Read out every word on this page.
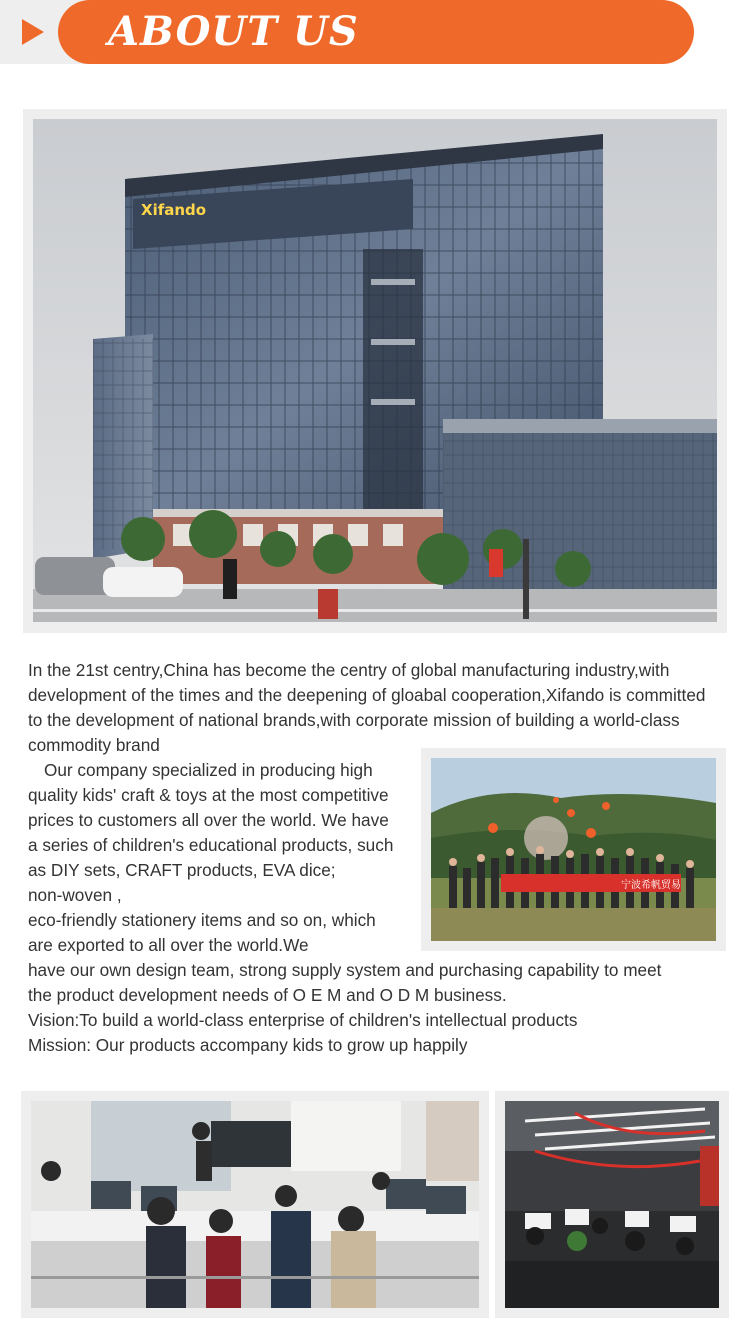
ABOUT US
Xifando

In the 21st centry,China has become the centry of global manufacturing industry,with development of the times and the deepening of gloabal cooperation,Xifando is committed to the development of national brands,with corporate mission of building a world-class commodity brand

Our company specialized in producing high
quality kids' craft & toys at the most competitive
prices to customers all over the world. We have
a series of children's educational products, such
as DIY sets, CRAFT products, EVA dice;
non-woven ,
eco-friendly stationery items and so on, which
are exported to all over the world.We
have our own design team, strong supply system and purchasing capability to meet
the product development needs of O E M and O D M business.
Vision:To build a world-class enterprise of children's intellectual products
Mission: Our products accompany kids to grow up happily
宁波希帆贸易
